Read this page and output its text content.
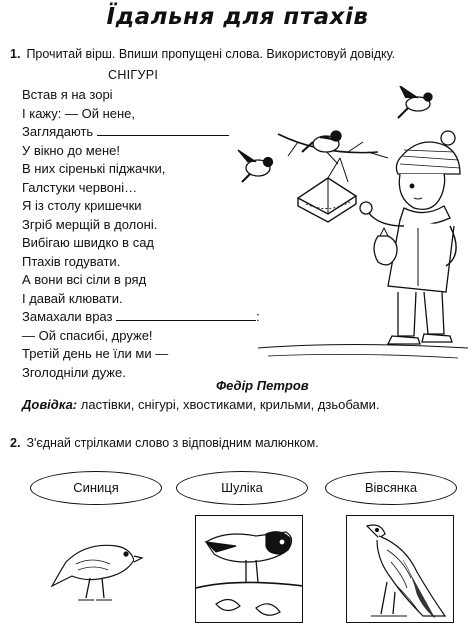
Їдальня для птахів
1. Прочитай вірш. Впиши пропущені слова. Використовуй довідку.
СНІГУРІ
Встав я на зорі
І кажу: — Ой нене,
Заглядають
У вікно до мене!
В них сіренькі піджачки,
Галстуки червоні…
Я із столу кришечки
Згріб мерщій в долоні.
Вибігаю швидко в сад
Птахів годувати.
А вони всі сіли в ряд
І давай клювати.
Замахали враз	:
— Ой спасибі, друже!
Третій день не їли ми —
Зголодніли дуже.
Федір Петров
Довідка: ластівки, снігурі, хвостиками, крильми, дзьобами.
2. З'єднай стрілками слово з відповідним малюнком.
Синиця	Шуліка	Вівсянка
